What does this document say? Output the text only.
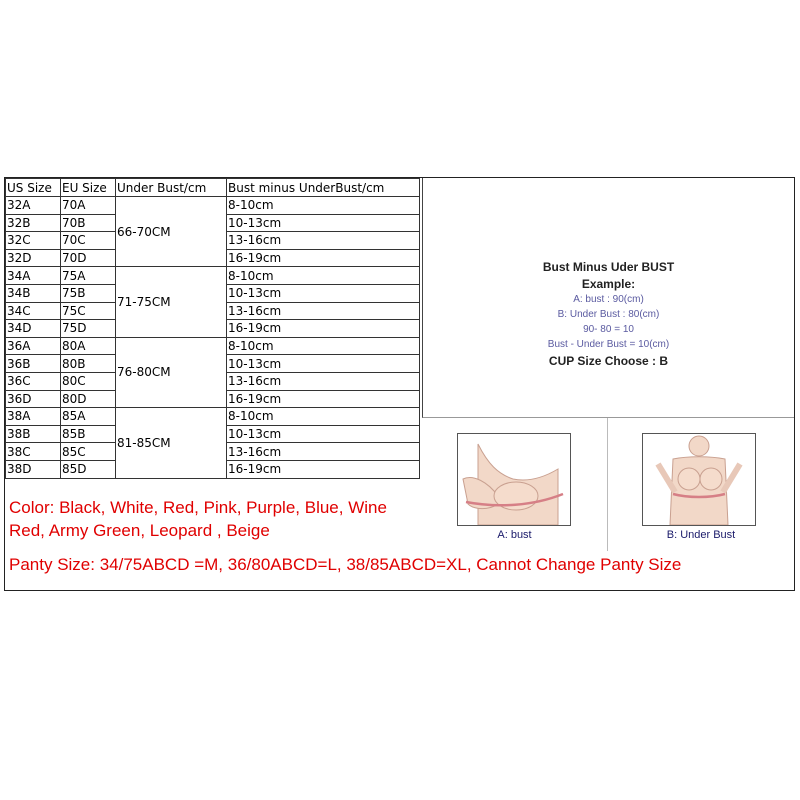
US Size	EU Size	Under Bust/cm	Bust minus UnderBust/cm
32A	70A	66-70CM	8-10cm
32B	70B		10-13cm
32C	70C		13-16cm
32D	70D		16-19cm
34A	75A	71-75CM	8-10cm
34B	75B		10-13cm
34C	75C		13-16cm
34D	75D		16-19cm
36A	80A	76-80CM	8-10cm
36B	80B		10-13cm
36C	80C		13-16cm
36D	80D		16-19cm
38A	85A	81-85CM	8-10cm
38B	85B		10-13cm
38C	85C		13-16cm
38D	85D		16-19cm
Bust Minus Uder BUST
Example:
A: bust : 90(cm)
B: Under Bust : 80(cm)
90- 80 = 10
Bust - Under Bust = 10(cm)
CUP Size Choose : B
A: bust	B: Under Bust
Color: Black, White, Red, Pink, Purple, Blue, Wine Red, Army Green, Leopard , Beige
Panty Size: 34/75ABCD =M, 36/80ABCD=L, 38/85ABCD=XL, Cannot Change Panty Size
